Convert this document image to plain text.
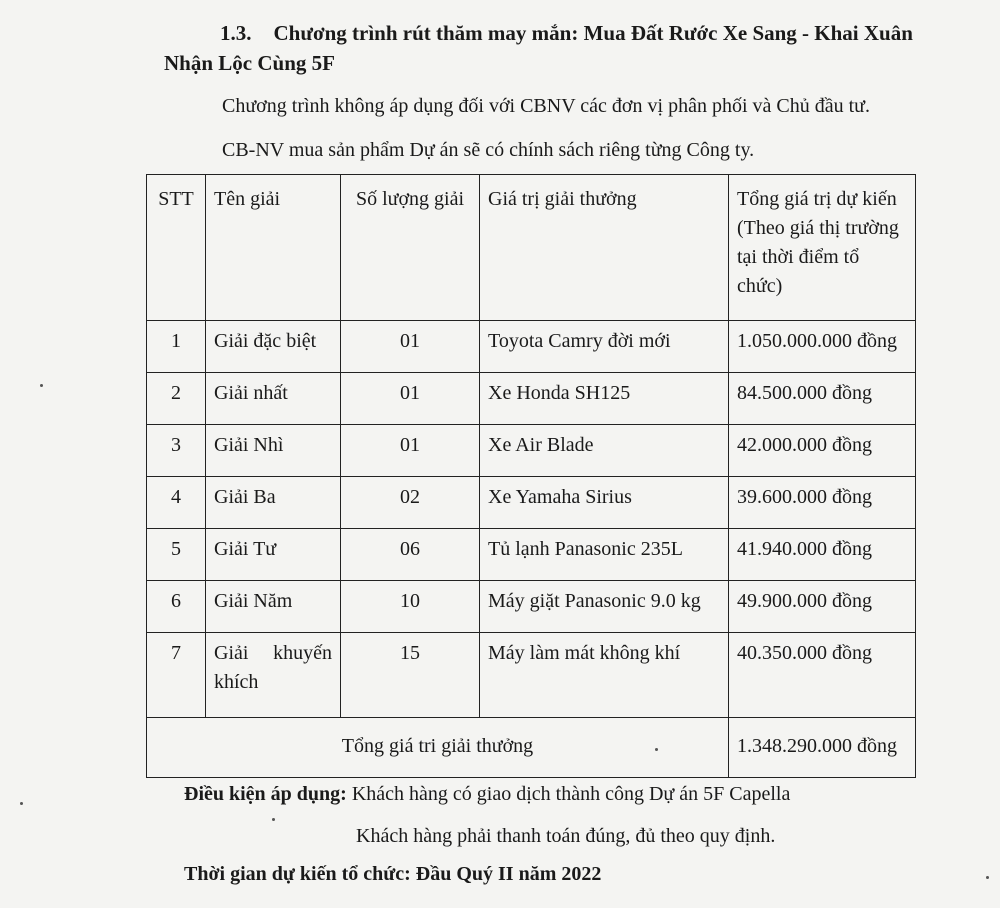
1.3. Chương trình rút thăm may mắn: Mua Đất Rước Xe Sang - Khai Xuân Nhận Lộc Cùng 5F
Chương trình không áp dụng đối với CBNV các đơn vị phân phối và Chủ đầu tư.
CB-NV mua sản phẩm Dự án sẽ có chính sách riêng từng Công ty.
STT	Tên giải	Số lượng giải	Giá trị giải thưởng	Tổng giá trị dự kiến (Theo giá thị trường tại thời điểm tổ chức)
1	Giải đặc biệt	01	Toyota Camry đời mới	1.050.000.000 đồng
2	Giải nhất	01	Xe Honda SH125	84.500.000 đồng
3	Giải Nhì	01	Xe Air Blade	42.000.000 đồng
4	Giải Ba	02	Xe Yamaha Sirius	39.600.000 đồng
5	Giải Tư	06	Tủ lạnh Panasonic 235L	41.940.000 đồng
6	Giải Năm	10	Máy giặt Panasonic 9.0 kg	49.900.000 đồng
7	Giải khuyến khích	15	Máy làm mát không khí	40.350.000 đồng
Tổng giá tri giải thưởng				1.348.290.000 đồng
Điều kiện áp dụng: Khách hàng có giao dịch thành công Dự án 5F Capella
Khách hàng phải thanh toán đúng, đủ theo quy định.
Thời gian dự kiến tổ chức: Đầu Quý II năm 2022
